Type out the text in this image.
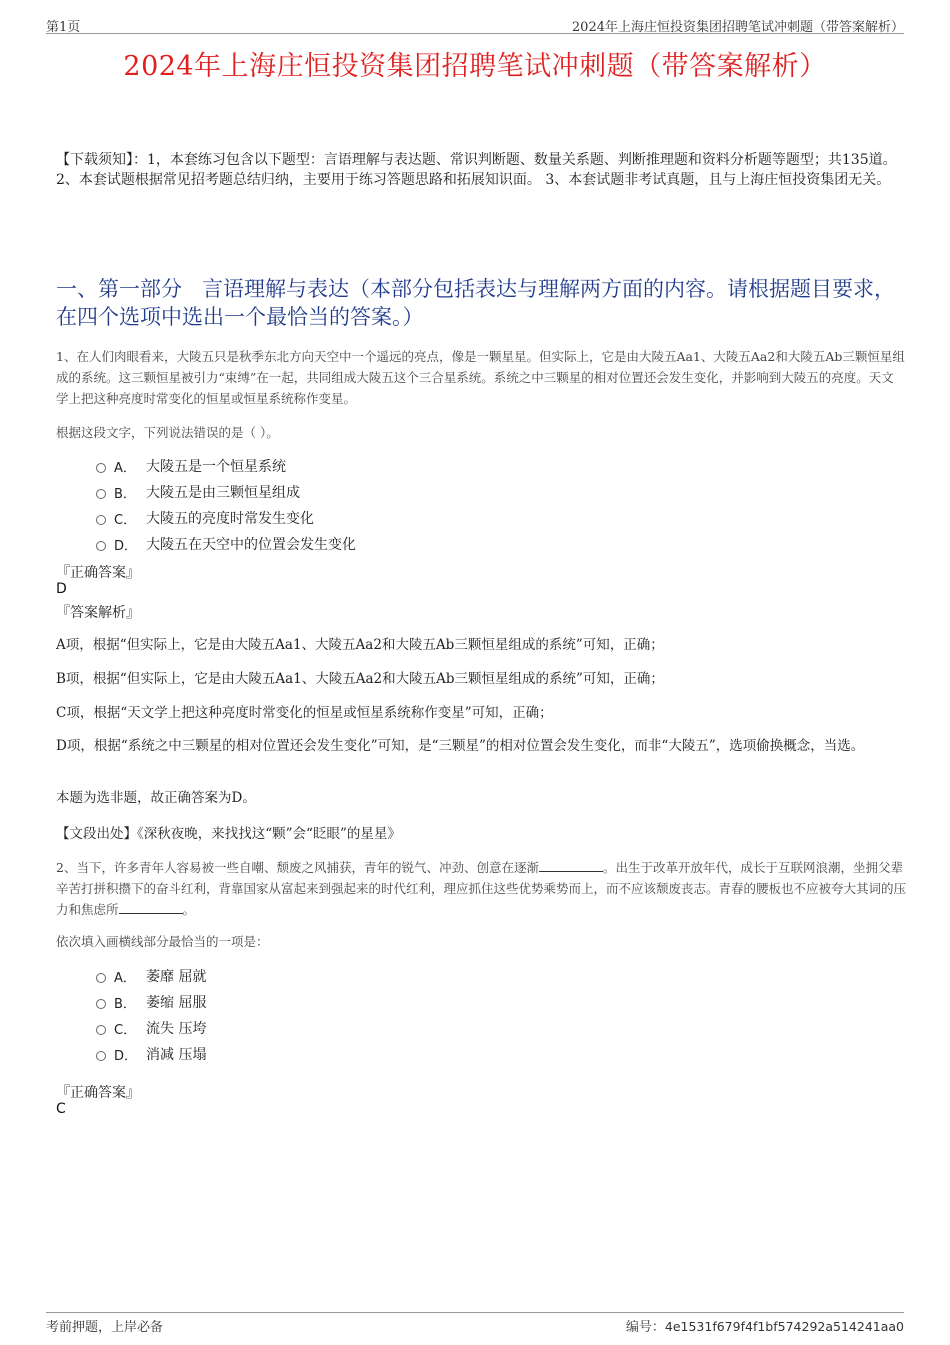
第1页	2024年上海庄恒投资集团招聘笔试冲刺题（带答案解析）
2024年上海庄恒投资集团招聘笔试冲刺题（带答案解析）
【下载须知】：1，本套练习包含以下题型：言语理解与表达题、常识判断题、数量关系题、判断推理题和资料分析题等题型；共135道。 2、本套试题根据常见招考题总结归纳，主要用于练习答题思路和拓展知识面。 3、本套试题非考试真题，且与上海庄恒投资集团无关。
一、第一部分 言语理解与表达（本部分包括表达与理解两方面的内容。请根据题目要求，在四个选项中选出一个最恰当的答案。）
1、在人们肉眼看来，大陵五只是秋季东北方向天空中一个遥远的亮点，像是一颗星星。但实际上，它是由大陵五Aa1、大陵五Aa2和大陵五Ab三颗恒星组成的系统。这三颗恒星被引力“束缚”在一起，共同组成大陵五这个三合星系统。系统之中三颗星的相对位置还会发生变化，并影响到大陵五的亮度。天文学上把这种亮度时常变化的恒星或恒星系统称作变星。
根据这段文字，下列说法错误的是（ ）。
A． 大陵五是一个恒星系统
B． 大陵五是由三颗恒星组成
C． 大陵五的亮度时常发生变化
D． 大陵五在天空中的位置会发生变化
『正确答案』
D
『答案解析』
A项，根据“但实际上，它是由大陵五Aa1、大陵五Aa2和大陵五Ab三颗恒星组成的系统”可知，正确；
B项，根据“但实际上，它是由大陵五Aa1、大陵五Aa2和大陵五Ab三颗恒星组成的系统”可知，正确；
C项，根据“天文学上把这种亮度时常变化的恒星或恒星系统称作变星”可知，正确；
D项，根据“系统之中三颗星的相对位置还会发生变化”可知，是“三颗星”的相对位置会发生变化，而非“大陵五”，选项偷换概念，当选。
本题为选非题，故正确答案为D。
【文段出处】《深秋夜晚，来找找这“颗”会“眨眼”的星星》
2、当下，许多青年人容易被一些自嘲、颓废之风捕获，青年的锐气、冲劲、创意在逐渐	。出生于改革开放年代，成长于互联网浪潮，坐拥父辈辛苦打拼积攒下的奋斗红利，背靠国家从富起来到强起来的时代红利，理应抓住这些优势乘势而上，而不应该颓废丧志。青春的腰板也不应被夸大其词的压力和焦虑所	。
依次填入画横线部分最恰当的一项是：
A． 萎靡 屈就
B． 萎缩 屈服
C． 流失 压垮
D． 消减 压塌
『正确答案』
C
考前押题，上岸必备	编号：4e1531f679f4f1bf574292a514241aa0
